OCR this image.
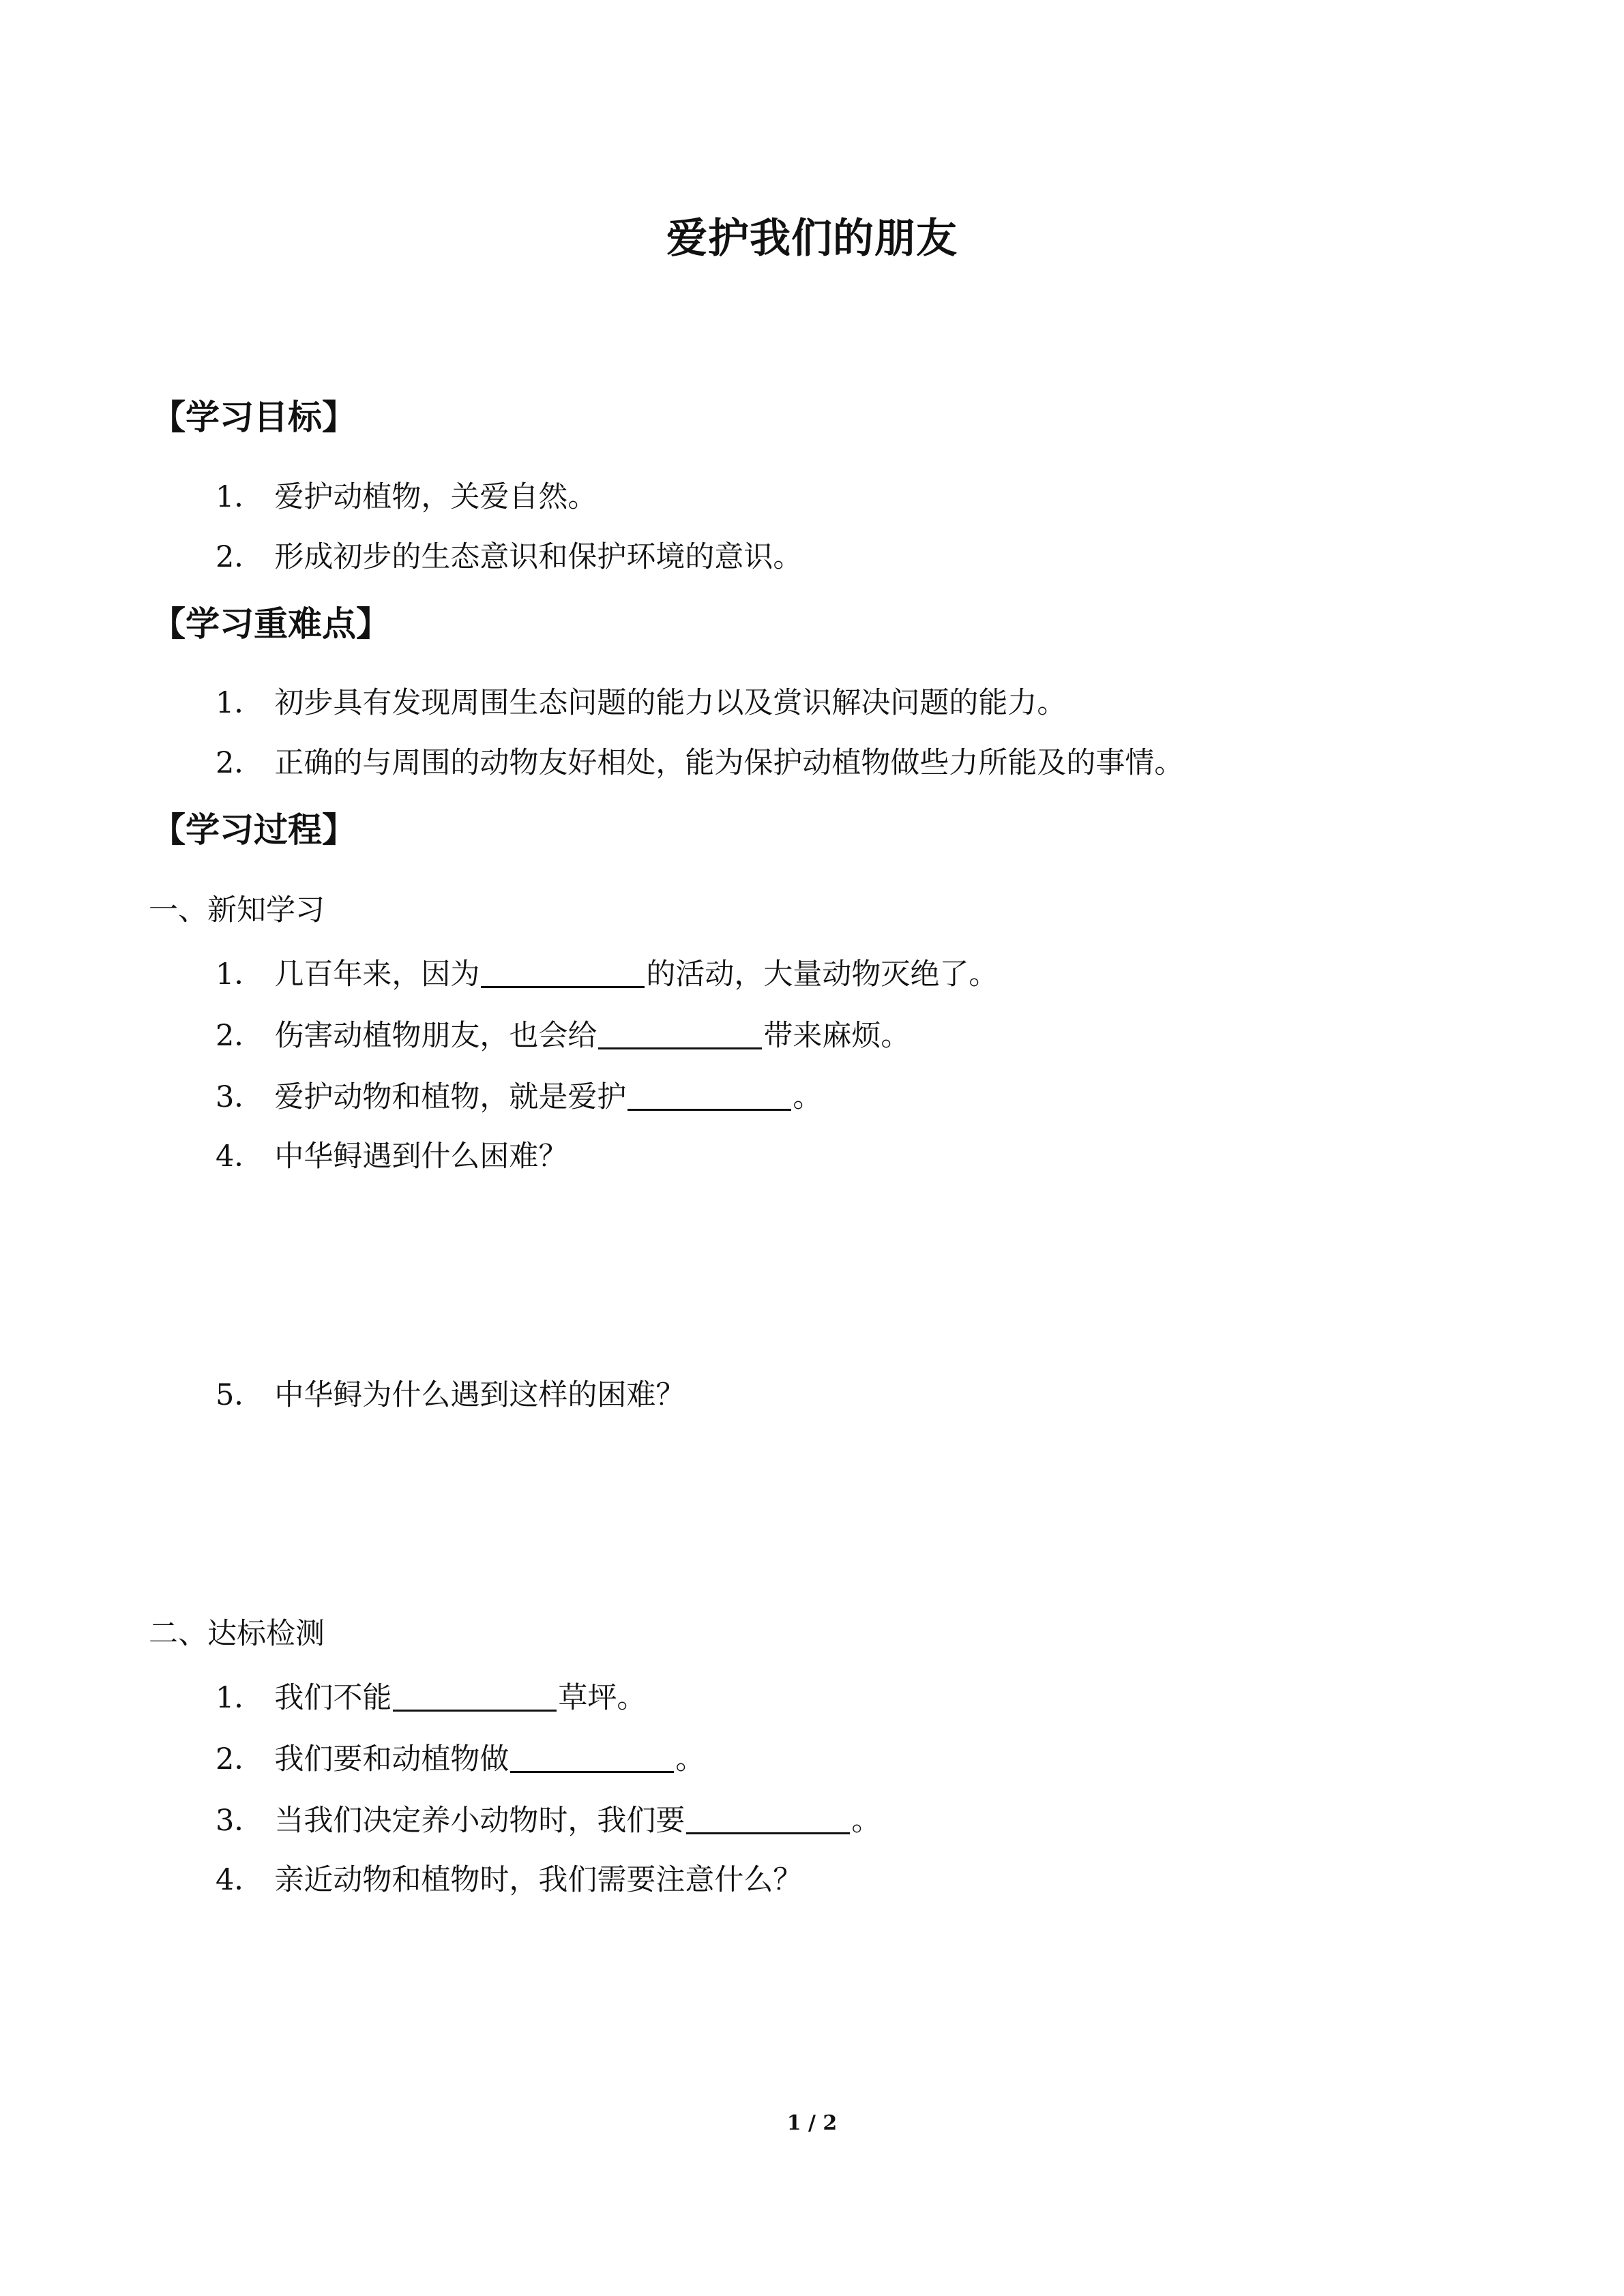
爱护我们的朋友
【学习目标】
1． 爱护动植物，关爱自然。
2． 形成初步的生态意识和保护环境的意识。
【学习重难点】
1． 初步具有发现周围生态问题的能力以及赏识解决问题的能力。
2． 正确的与周围的动物友好相处，能为保护动植物做些力所能及的事情。
【学习过程】
一、新知学习
1． 几百年来，因为	的活动，大量动物灭绝了。
2． 伤害动植物朋友，也会给	带来麻烦。
3． 爱护动物和植物，就是爱护	。
4． 中华鲟遇到什么困难？
5． 中华鲟为什么遇到这样的困难？
二、达标检测
1． 我们不能	草坪。
2． 我们要和动植物做	。
3． 当我们决定养小动物时，我们要	。
4． 亲近动物和植物时，我们需要注意什么？
1 / 2
